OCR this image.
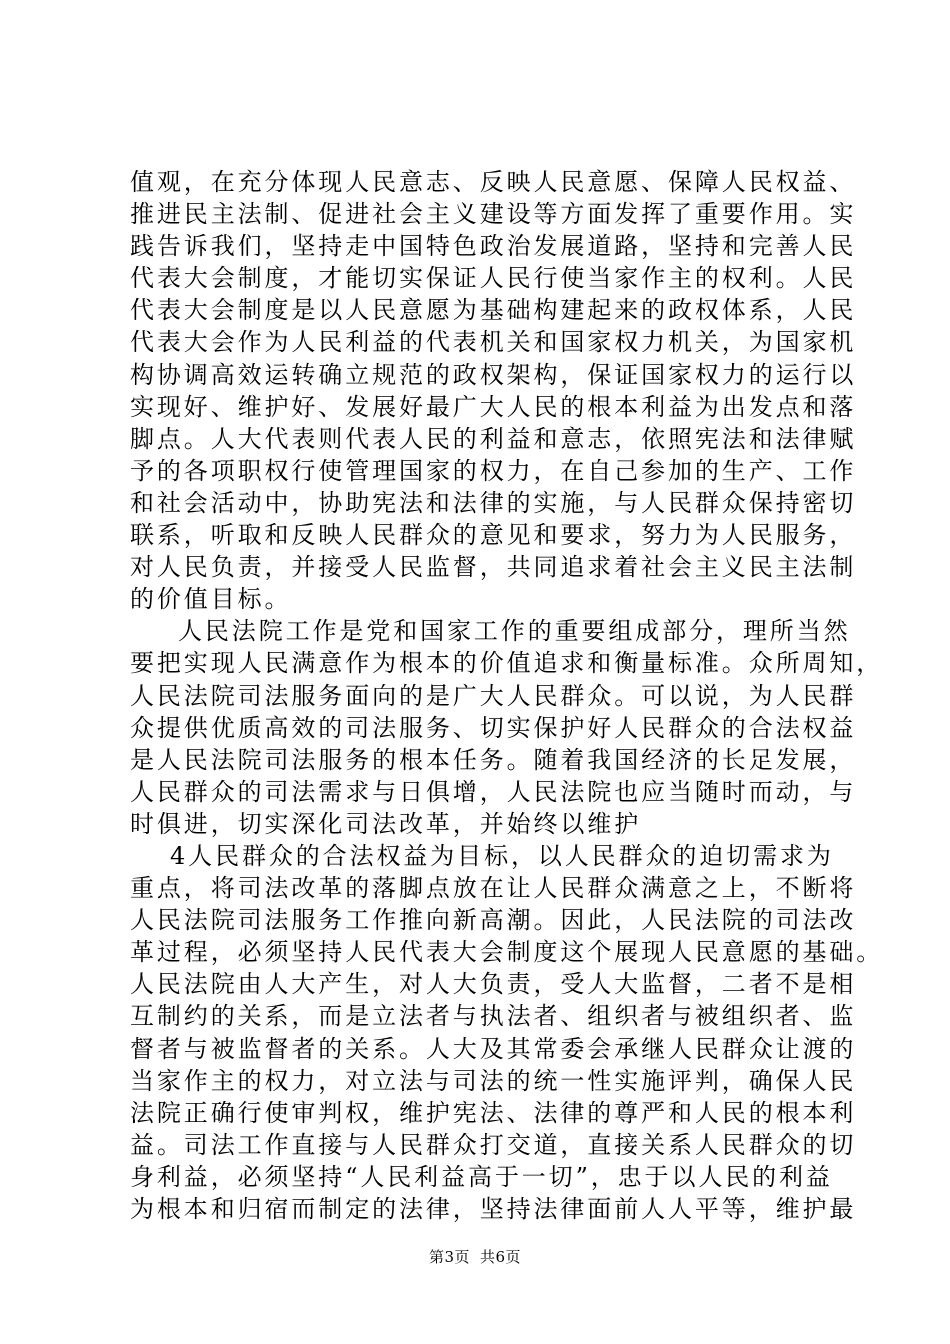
值观，在充分体现人民意志、反映人民意愿、保障人民权益、
推进民主法制、促进社会主义建设等方面发挥了重要作用。实
践告诉我们，坚持走中国特色政治发展道路，坚持和完善人民
代表大会制度，才能切实保证人民行使当家作主的权利。人民
代表大会制度是以人民意愿为基础构建起来的政权体系，人民
代表大会作为人民利益的代表机关和国家权力机关，为国家机
构协调高效运转确立规范的政权架构，保证国家权力的运行以
实现好、维护好、发展好最广大人民的根本利益为出发点和落
脚点。人大代表则代表人民的利益和意志，依照宪法和法律赋
予的各项职权行使管理国家的权力，在自己参加的生产、工作
和社会活动中，协助宪法和法律的实施，与人民群众保持密切
联系，听取和反映人民群众的意见和要求，努力为人民服务，
对人民负责，并接受人民监督，共同追求着社会主义民主法制
的价值目标。
人民法院工作是党和国家工作的重要组成部分，理所当然
要把实现人民满意作为根本的价值追求和衡量标准。众所周知，
人民法院司法服务面向的是广大人民群众。可以说，为人民群
众提供优质高效的司法服务、切实保护好人民群众的合法权益
是人民法院司法服务的根本任务。随着我国经济的长足发展，
人民群众的司法需求与日俱增，人民法院也应当随时而动，与
时俱进，切实深化司法改革，并始终以维护
4人民群众的合法权益为目标，以人民群众的迫切需求为
重点，将司法改革的落脚点放在让人民群众满意之上，不断将
人民法院司法服务工作推向新高潮。因此，人民法院的司法改
革过程，必须坚持人民代表大会制度这个展现人民意愿的基础。
人民法院由人大产生，对人大负责，受人大监督，二者不是相
互制约的关系，而是立法者与执法者、组织者与被组织者、监
督者与被监督者的关系。人大及其常委会承继人民群众让渡的
当家作主的权力，对立法与司法的统一性实施评判，确保人民
法院正确行使审判权，维护宪法、法律的尊严和人民的根本利
益。司法工作直接与人民群众打交道，直接关系人民群众的切
身利益，必须坚持“人民利益高于一切”，忠于以人民的利益
为根本和归宿而制定的法律，坚持法律面前人人平等，维护最
第3页 共6页
